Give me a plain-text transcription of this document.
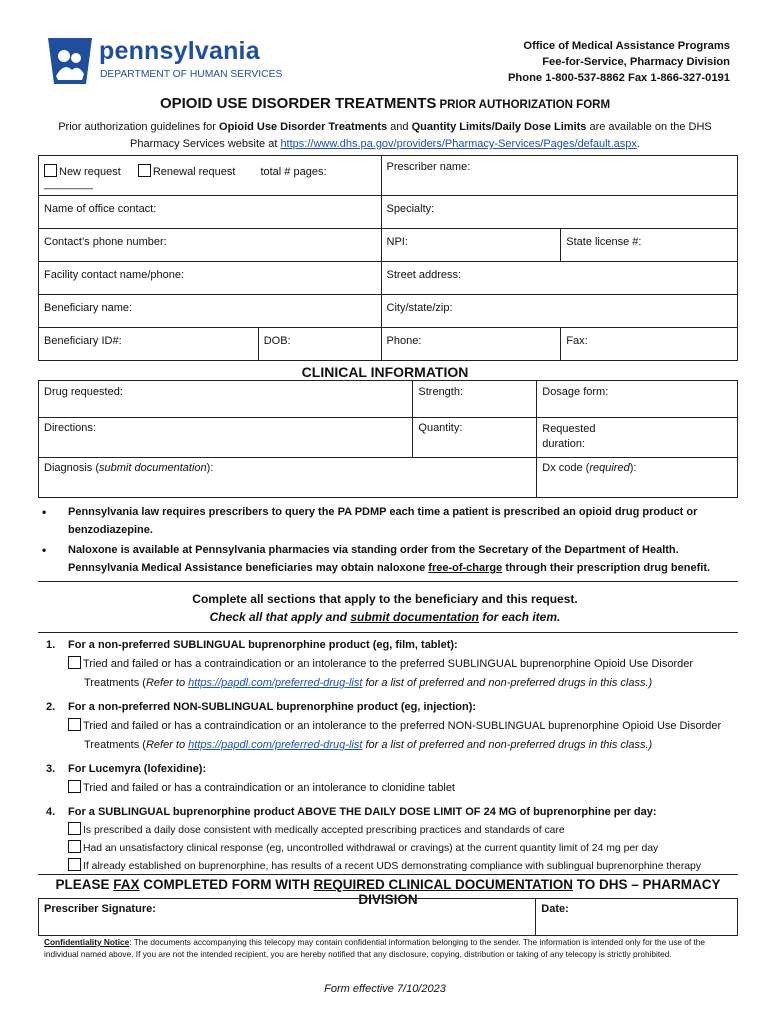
pennsylvania
DEPARTMENT OF HUMAN SERVICES
Office of Medical Assistance Programs
Fee-for-Service, Pharmacy Division
Phone 1-800-537-8862 Fax 1-866-327-0191
OPIOID USE DISORDER TREATMENTS PRIOR AUTHORIZATION FORM
Prior authorization guidelines for Opioid Use Disorder Treatments and Quantity Limits/Daily Dose Limits are available on the DHS Pharmacy Services website at https://www.dhs.pa.gov/providers/Pharmacy-Services/Pages/default.aspx.
New request Renewal request total # pages: ________		Prescriber name:	
Name of office contact:		Specialty:	
Contact’s phone number:		NPI:	State license #:
Facility contact name/phone:		Street address:	
Beneficiary name:		City/state/zip:	
Beneficiary ID#:	DOB:	Phone:	Fax:
CLINICAL INFORMATION
Drug requested:	Strength:	Dosage form:
Directions:	Quantity:	Requested
duration:

Diagnosis (submit documentation):		Dx code (required):
• Pennsylvania law requires prescribers to query the PA PDMP each time a patient is prescribed an opioid drug product or benzodiazepine.
• Naloxone is available at Pennsylvania pharmacies via standing order from the Secretary of the Department of Health. Pennsylvania Medical Assistance beneficiaries may obtain naloxone free-of-charge through their prescription drug benefit.
Complete all sections that apply to the beneficiary and this request.
Check all that apply and submit documentation for each item.
1. For a non-preferred SUBLINGUAL buprenorphine product (eg, film, tablet):
Tried and failed or has a contraindication or an intolerance to the preferred SUBLINGUAL buprenorphine Opioid Use Disorder
Treatments (Refer to https://papdl.com/preferred-drug-list for a list of preferred and non-preferred drugs in this class.)
2. For a non-preferred NON-SUBLINGUAL buprenorphine product (eg, injection):
Tried and failed or has a contraindication or an intolerance to the preferred NON-SUBLINGUAL buprenorphine Opioid Use Disorder
Treatments (Refer to https://papdl.com/preferred-drug-list for a list of preferred and non-preferred drugs in this class.)
3. For Lucemyra (lofexidine):
Tried and failed or has a contraindication or an intolerance to clonidine tablet
4. For a SUBLINGUAL buprenorphine product ABOVE THE DAILY DOSE LIMIT OF 24 MG of buprenorphine per day:
Is prescribed a daily dose consistent with medically accepted prescribing practices and standards of care
Had an unsatisfactory clinical response (eg, uncontrolled withdrawal or cravings) at the current quantity limit of 24 mg per day
If already established on buprenorphine, has results of a recent UDS demonstrating compliance with sublingual buprenorphine therapy
PLEASE FAX COMPLETED FORM WITH REQUIRED CLINICAL DOCUMENTATION TO DHS – PHARMACY DIVISION
Prescriber Signature:	Date:
Confidentiality Notice: The documents accompanying this telecopy may contain confidential information belonging to the sender. The information is intended only for the use of the individual named above. If you are not the intended recipient, you are hereby notified that any disclosure, copying, distribution or taking of any telecopy is strictly prohibited.
Form effective 7/10/2023
